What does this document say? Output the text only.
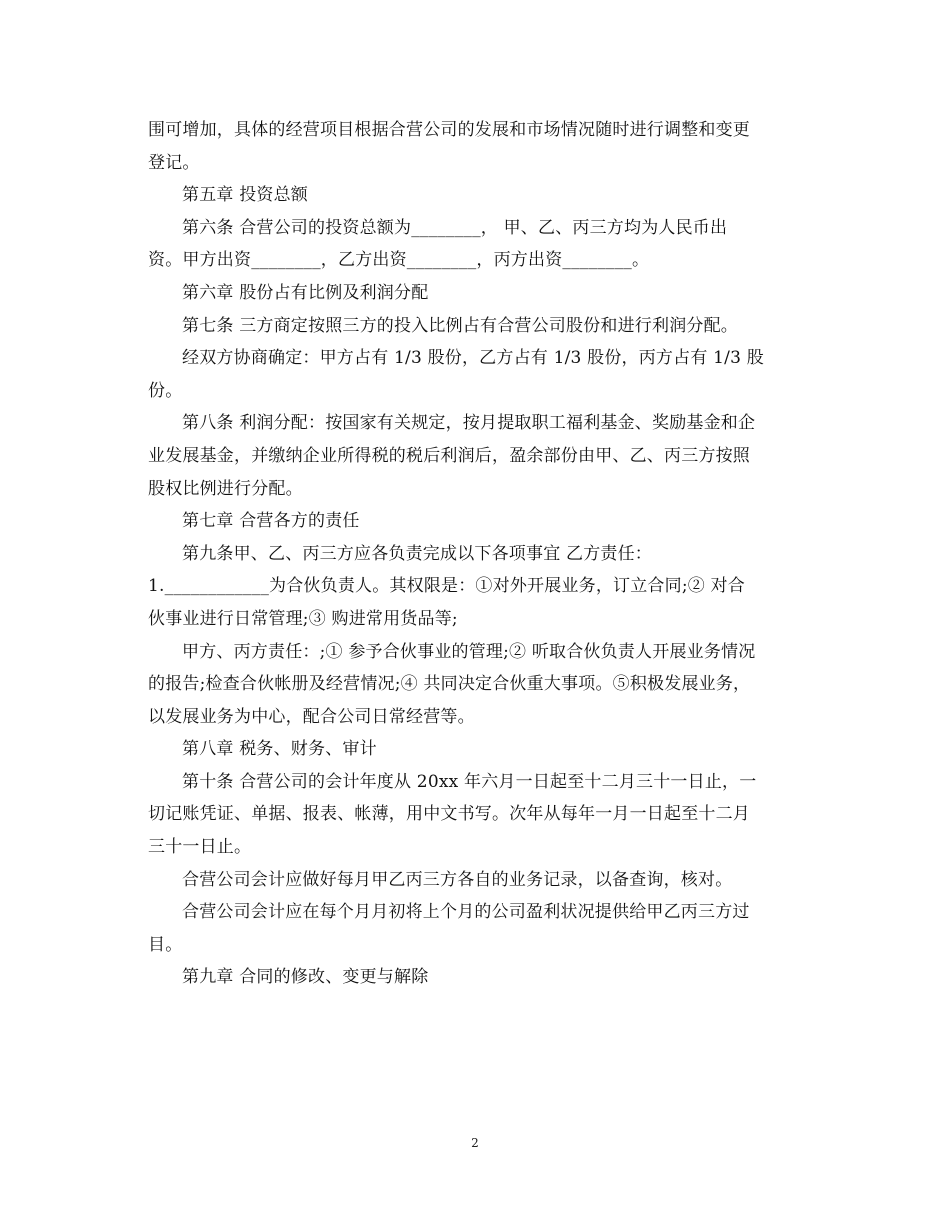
围可增加，具体的经营项目根据合营公司的发展和市场情况随时进行调整和变更
登记。
第五章 投资总额
第六条 合营公司的投资总额为________， 甲、乙、丙三方均为人民币出
资。甲方出资________，乙方出资________，丙方出资________。
第六章 股份占有比例及利润分配
第七条 三方商定按照三方的投入比例占有合营公司股份和进行利润分配。
经双方协商确定：甲方占有 1/3 股份，乙方占有 1/3 股份，丙方占有 1/3 股
份。
第八条 利润分配：按国家有关规定，按月提取职工福利基金、奖励基金和企
业发展基金，并缴纳企业所得税的税后利润后，盈余部份由甲、乙、丙三方按照
股权比例进行分配。
第七章 合营各方的责任
第九条甲、乙、丙三方应各负责完成以下各项事宜 乙方责任：
1.____________为合伙负责人。其权限是：①对外开展业务，订立合同;② 对合
伙事业进行日常管理;③ 购进常用货品等;
甲方、丙方责任：;① 参予合伙事业的管理;② 听取合伙负责人开展业务情况
的报告;检查合伙帐册及经营情况;④ 共同决定合伙重大事项。⑤积极发展业务，
以发展业务为中心，配合公司日常经营等。
第八章 税务、财务、审计
第十条 合营公司的会计年度从 20xx 年六月一日起至十二月三十一日止，一
切记账凭证、单据、报表、帐薄，用中文书写。次年从每年一月一日起至十二月
三十一日止。
合营公司会计应做好每月甲乙丙三方各自的业务记录，以备查询，核对。
合营公司会计应在每个月月初将上个月的公司盈利状况提供给甲乙丙三方过
目。
第九章 合同的修改、变更与解除
2
